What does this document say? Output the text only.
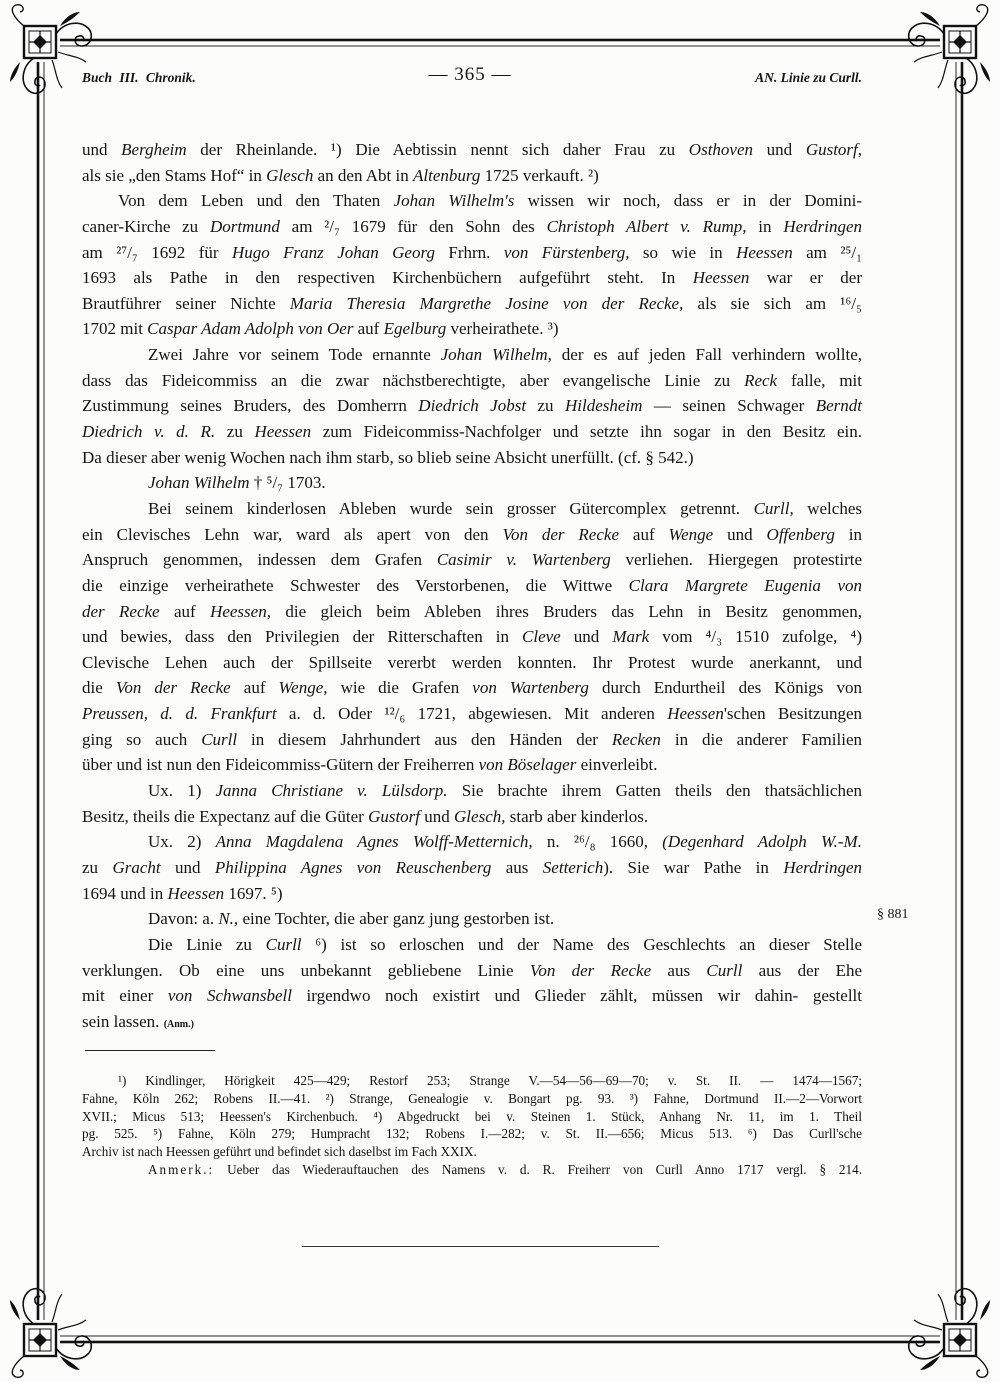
Buch III. Chronik.	— 365 —	AN. Linie zu Curll.
und Bergheim der Rheinlande. ¹) Die Aebtissin nennt sich daher Frau zu Osthoven und Gustorf,
als sie „den Stams Hof“ in Glesch an den Abt in Altenburg 1725 verkauft. ²)
Von dem Leben und den Thaten Johan Wilhelm's wissen wir noch, dass er in der Domini-
caner-Kirche zu Dortmund am ²/₇ 1679 für den Sohn des Christoph Albert v. Rump, in Herdringen
am ²⁷/₇ 1692 für Hugo Franz Johan Georg Frhrn. von Fürstenberg, so wie in Heessen am ²⁵/₁
1693 als Pathe in den respectiven Kirchenbüchern aufgeführt steht. In Heessen war er der
Brautführer seiner Nichte Maria Theresia Margrethe Josine von der Recke, als sie sich am ¹⁶/₅
1702 mit Caspar Adam Adolph von Oer auf Egelburg verheirathete. ³)
Zwei Jahre vor seinem Tode ernannte Johan Wilhelm, der es auf jeden Fall verhindern wollte,
dass das Fideicommiss an die zwar nächstberechtigte, aber evangelische Linie zu Reck falle, mit
Zustimmung seines Bruders, des Domherrn Diedrich Jobst zu Hildesheim — seinen Schwager Berndt
Diedrich v. d. R. zu Heessen zum Fideicommiss-Nachfolger und setzte ihn sogar in den Besitz ein.
Da dieser aber wenig Wochen nach ihm starb, so blieb seine Absicht unerfüllt. (cf. § 542.)
Johan Wilhelm † ⁵/₇ 1703.
Bei seinem kinderlosen Ableben wurde sein grosser Gütercomplex getrennt. Curll, welches
ein Clevisches Lehn war, ward als apert von den Von der Recke auf Wenge und Offenberg in
Anspruch genommen, indessen dem Grafen Casimir v. Wartenberg verliehen. Hiergegen protestirte
die einzige verheirathete Schwester des Verstorbenen, die Wittwe Clara Margrete Eugenia von
der Recke auf Heessen, die gleich beim Ableben ihres Bruders das Lehn in Besitz genommen,
und bewies, dass den Privilegien der Ritterschaften in Cleve und Mark vom ⁴/₃ 1510 zufolge, ⁴)
Clevische Lehen auch der Spillseite vererbt werden konnten. Ihr Protest wurde anerkannt, und
die Von der Recke auf Wenge, wie die Grafen von Wartenberg durch Endurtheil des Königs von
Preussen, d. d. Frankfurt a. d. Oder ¹²/₆ 1721, abgewiesen. Mit anderen Heessen'schen Besitzungen
ging so auch Curll in diesem Jahrhundert aus den Händen der Recken in die anderer Familien
über und ist nun den Fideicommiss-Gütern der Freiherren von Böselager einverleibt.
Ux. 1) Janna Christiane v. Lülsdorp. Sie brachte ihrem Gatten theils den thatsächlichen
Besitz, theils die Expectanz auf die Güter Gustorf und Glesch, starb aber kinderlos.
Ux. 2) Anna Magdalena Agnes Wolff-Metternich, n. ²⁶/₈ 1660, (Degenhard Adolph W.-M.
zu Gracht und Philippina Agnes von Reuschenberg aus Setterich). Sie war Pathe in Herdringen
1694 und in Heessen 1697. ⁵)
Davon: a. N., eine Tochter, die aber ganz jung gestorben ist.	§ 881
Die Linie zu Curll ⁶) ist so erloschen und der Name des Geschlechts an dieser Stelle
verklungen. Ob eine uns unbekannt gebliebene Linie Von der Recke aus Curll aus der Ehe
mit einer von Schwansbell irgendwo noch existirt und Glieder zählt, müssen wir dahin- gestellt
sein lassen. (Anm.)
¹) Kindlinger, Hörigkeit 425—429; Restorf 253; Strange V.—54—56—69—70; v. St. II. — 1474—1567;
Fahne, Köln 262; Robens II.—41. ²) Strange, Genealogie v. Bongart pg. 93. ³) Fahne, Dortmund II.—2—Vorwort
XVII.; Micus 513; Heessen's Kirchenbuch. ⁴) Abgedruckt bei v. Steinen 1. Stück, Anhang Nr. 11, im 1. Theil
pg. 525. ⁵) Fahne, Köln 279; Humpracht 132; Robens I.—282; v. St. II.—656; Micus 513. ⁶) Das Curll'sche
Archiv ist nach Heessen geführt und befindet sich daselbst im Fach XXIX.
Anmerk.: Ueber das Wiederauftauchen des Namens v. d. R. Freiherr von Curll Anno 1717 vergl. § 214.
